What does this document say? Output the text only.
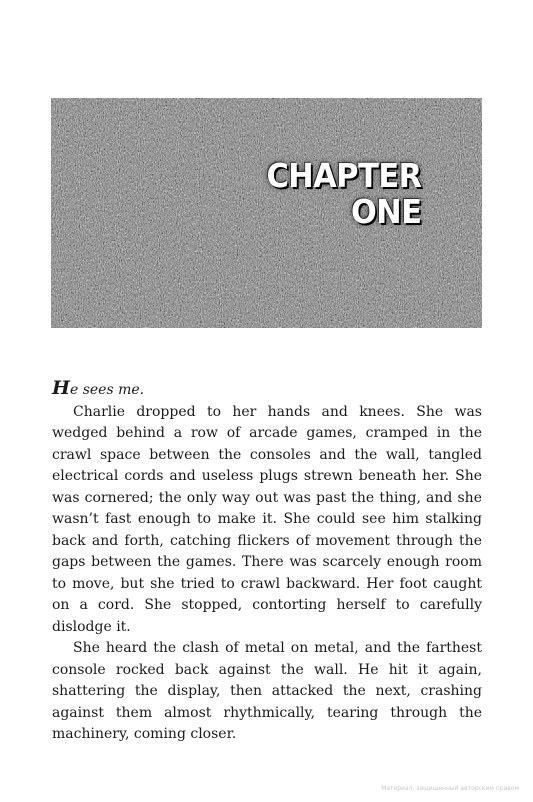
CHAPTER
ONE

He sees me.

Charlie dropped to her hands and knees. She was wedged behind a row of arcade games, cramped in the crawl space between the consoles and the wall, tangled electrical cords and useless plugs strewn beneath her. She was cornered; the only way out was past the thing, and she wasn’t fast enough to make it. She could see him stalking back and forth, catching flickers of movement through the gaps between the games. There was scarcely enough room to move, but she tried to crawl backward. Her foot caught on a cord. She stopped, contorting herself to carefully dislodge it.

She heard the clash of metal on metal, and the farthest console rocked back against the wall. He hit it again, shattering the display, then attacked the next, crashing against them almost rhythmically, tearing through the machinery, coming closer.

Материал, защищенный авторским правом
